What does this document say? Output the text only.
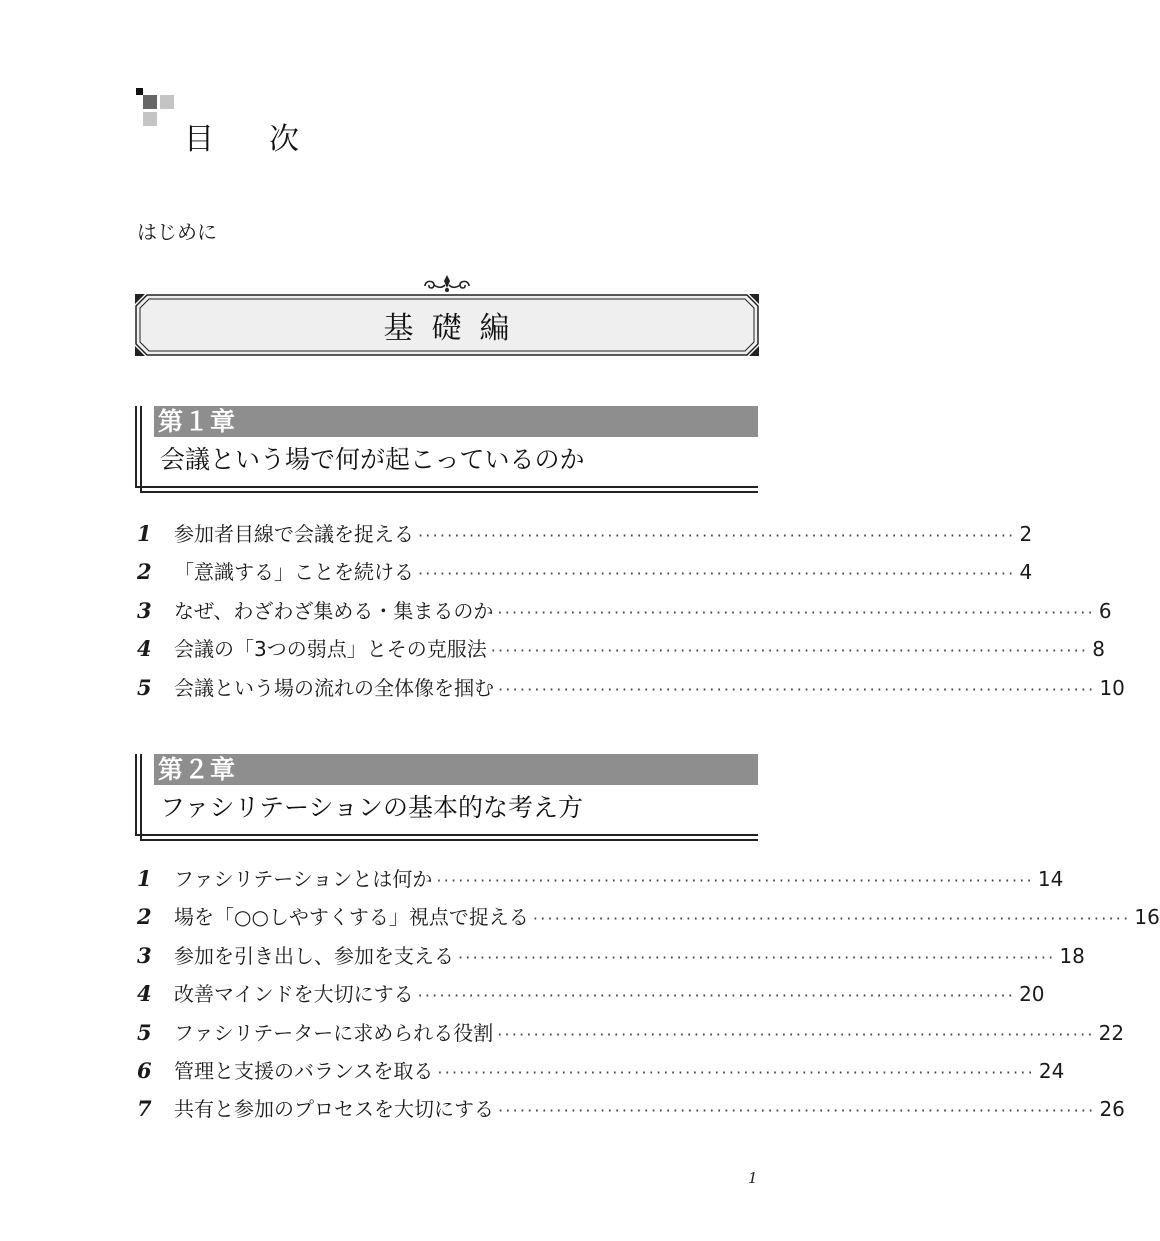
目次
はじめに
基礎編
第１章
会議という場で何が起こっているのか
1	参加者目線で会議を捉える ·················································································· 2
2	「意識する」ことを続ける ·················································································· 4
3	なぜ、わざわざ集める・集まるのか ·················································································· 6
4	会議の「3つの弱点」とその克服法 ·················································································· 8
5	会議という場の流れの全体像を掴む ·················································································· 10
第２章
ファシリテーションの基本的な考え方
1	ファシリテーションとは何か ·················································································· 14
2	場を「○○しやすくする」視点で捉える ·················································································· 16
3	参加を引き出し、参加を支える ·················································································· 18
4	改善マインドを大切にする ·················································································· 20
5	ファシリテーターに求められる役割 ·················································································· 22
6	管理と支援のバランスを取る ·················································································· 24
7	共有と参加のプロセスを大切にする ·················································································· 26
1
